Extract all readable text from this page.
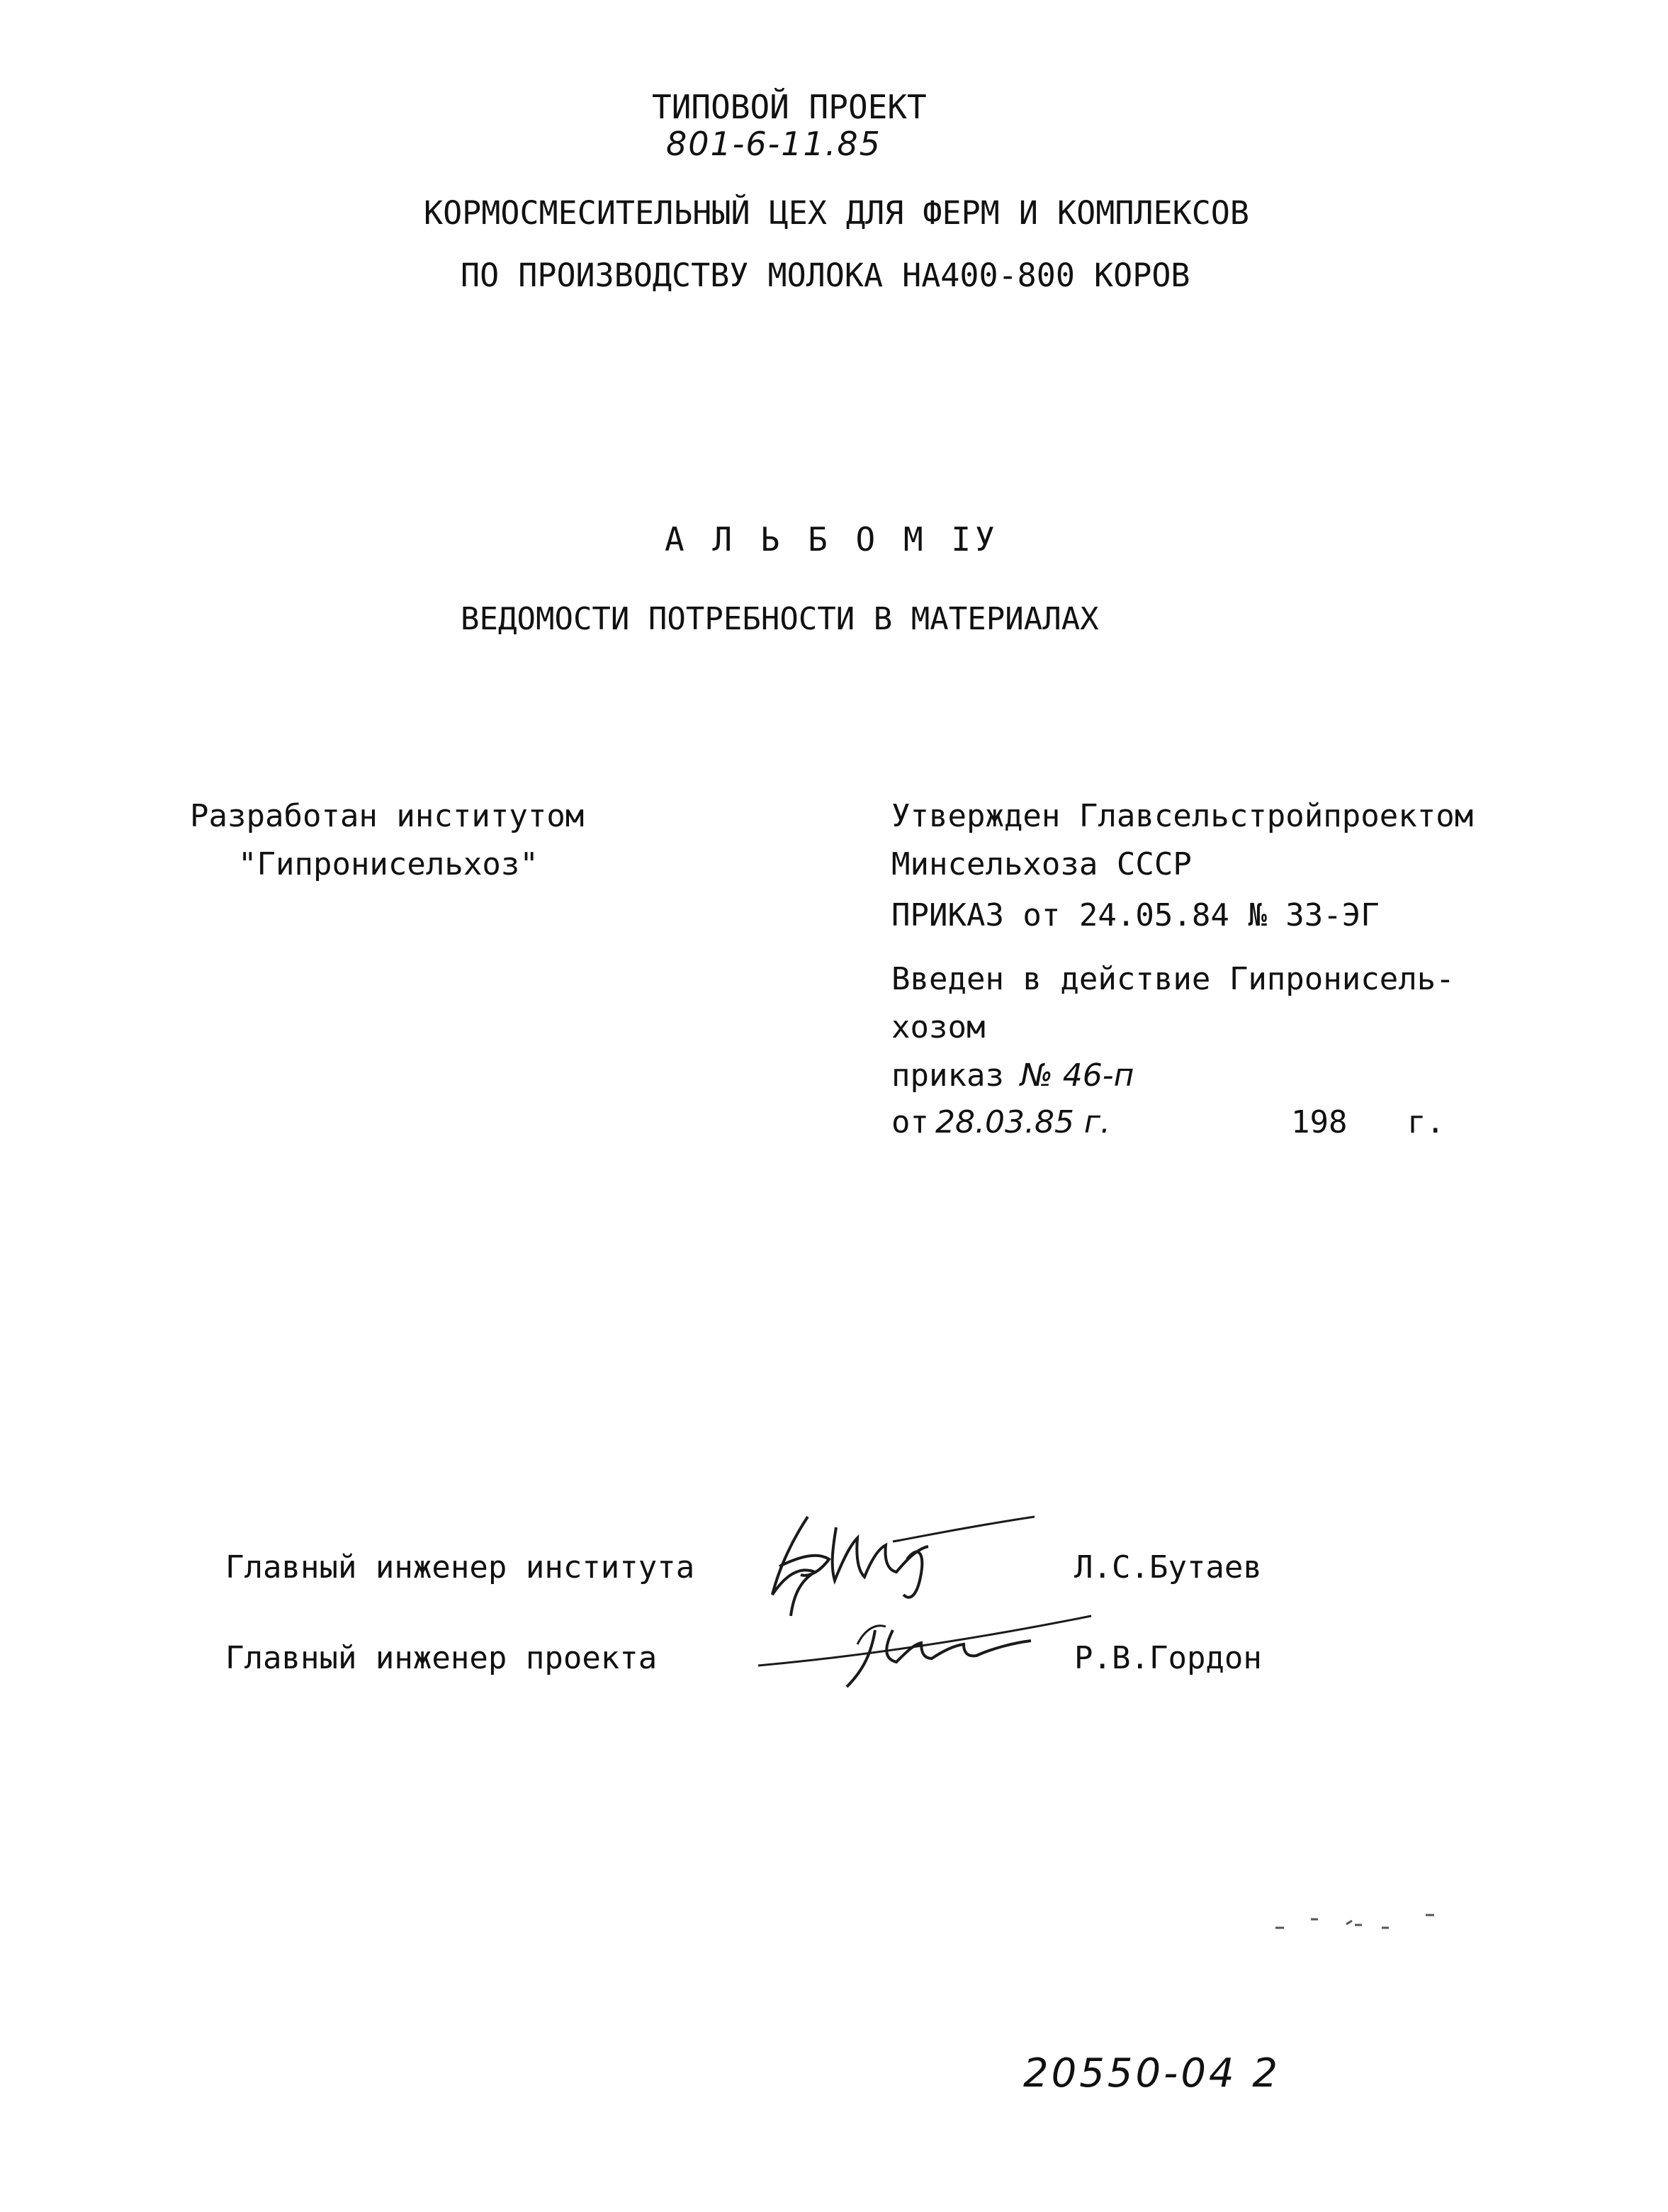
ТИПОВОЙ ПРОЕКТ
801-6-11.85
КОРМОСМЕСИТЕЛЬНЫЙ ЦЕХ ДЛЯ ФЕРМ И КОМПЛЕКСОВ
ПО ПРОИЗВОДСТВУ МОЛОКА НА400-800 КОРОВ
А Л Ь Б О М IУ
ВЕДОМОСТИ ПОТРЕБНОСТИ В МАТЕРИАЛАХ
Разработан институтом
"Гипронисельхоз"
Утвержден Главсельстройпроектом
Минсельхоза СССР
ПРИКАЗ от 24.05.84 № 33-ЭГ
Введен в действие Гипронисель-
хозом
приказ № 46-п
от 28.03.85 г.	198 г.
Главный инженер института	Л.С.Бутаев
Главный инженер проекта	Р.В.Гордон
20550-04 2
